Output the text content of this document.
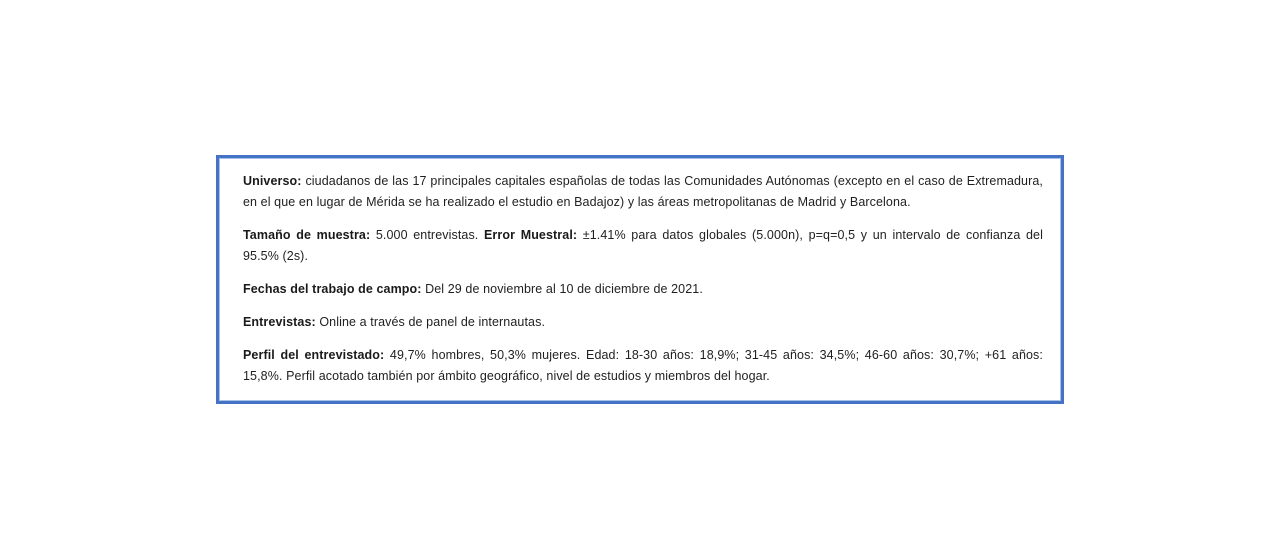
Universo: ciudadanos de las 17 principales capitales españolas de todas las Comunidades Autónomas (excepto en el caso de Extremadura, en el que en lugar de Mérida se ha realizado el estudio en Badajoz) y las áreas metropolitanas de Madrid y Barcelona.

Tamaño de muestra: 5.000 entrevistas. Error Muestral: ±1.41% para datos globales (5.000n), p=q=0,5 y un intervalo de confianza del 95.5% (2s).

Fechas del trabajo de campo: Del 29 de noviembre al 10 de diciembre de 2021.

Entrevistas: Online a través de panel de internautas.

Perfil del entrevistado: 49,7% hombres, 50,3% mujeres. Edad: 18-30 años: 18,9%; 31-45 años: 34,5%; 46-60 años: 30,7%; +61 años: 15,8%. Perfil acotado también por ámbito geográfico, nivel de estudios y miembros del hogar.
